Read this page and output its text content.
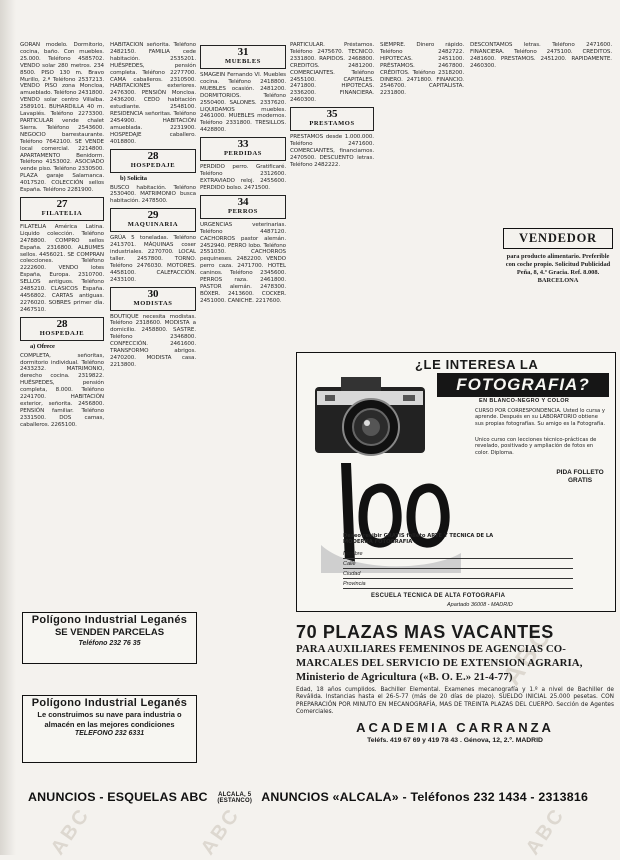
ABC
ABC	ABC
ABC

GORAN modelo. Dormitorio, cocina, baño. Con muebles. 25.000. Teléfono 4585702. VENDO solar 280 metros. 234 8500. PISO 130 m. Bravo Murillo, 2.ª Teléfono 2537213. VENDO PISO zona Moncloa, amueblado. Teléfono 2431800. VENDO solar centro Villalba. 2589101. BUHARDILLA 40 m. Lavapiés. Teléfono 2273300. PARTICULAR vende chalet Sierra. Teléfono 2543600. NEGOCIO barrestaurante. Teléfono 7642100. SE VENDE local comercial. 2214800. APARTAMENTO Benidorm. Teléfono 4153002. ASOCIADO vende piso. Teléfono 2330500. PLAZA garaje Salamanca. 4017520. COLECCIÓN sellos España. Teléfono 2281900.

27
FILATELIA

FILATELIA América Latina. Liquido colección. Teléfono 2478800. COMPRO sellos España. 2316800. ALBUMES sellos. 4456021. SE COMPRAN colecciones. Teléfono 2222600. VENDO lotes España, Europa. 2310700. SELLOS antiguos. Teléfono 2485210. CLASICOS España. 4456802. CARTAS antiguas. 2276020. SOBRES primer día. 2467510.

28
HOSPEDAJE
a) Ofrece

COMPLETA, señoritas, dormitorio individual. Teléfono 2433232. MATRIMONIO, derecho cocina. 2319822. HUÉSPEDES, pensión completa, 8.000. Teléfono 2241700. HABITACIÓN exterior, señorita. 2456800. PENSIÓN familiar. Teléfono 2331500. DOS camas, caballeros. 2265100.

HABITACIÓN señorita. Teléfono 2482150. FAMILIA cede habitación. 2535201. HUÉSPEDES, pensión completa. Teléfono 2277700. CAMA caballeros. 2310500. HABITACIONES exteriores. 2476300. PENSIÓN Moncloa. 2436200. CEDO habitación estudiante. 2548100. RESIDENCIA señoritas. Teléfono 2454900. HABITACIÓN amueblada. 2231900. HOSPEDAJE caballero. 4018800.

28
HOSPEDAJE
b) Solicita

BUSCO habitación. Teléfono 2530400. MATRIMONIO busca habitación. 2478500.

29
MAQUINARIA

GRÚA 5 toneladas. Teléfono 2413701. MÁQUINAS coser industriales. 2270700. LOCAL taller. 2457800. TORNO. Teléfono 2476030. MOTORES. 4458100. CALEFACCIÓN. 2433100.

30
MODISTAS

BOUTIQUE necesita modistas. Teléfono 2318600. MODISTA a domicilio. 2458800. SASTRE. Teléfono 2346800. CONFECCIÓN. 2461600. TRANSFORMO abrigos. 2470200. MODISTA casa. 2213800.

31
MUEBLES

SMAGEIN Fernando VI. Muebles cocina. Teléfono 2418800. MUEBLES ocasión. 2481200. DORMITORIOS. Teléfono 2550400. SALONES. 2337620. LIQUIDAMOS muebles. 2461000. MUEBLES modernos. Teléfono 2331800. TRESILLOS. 4428800.

33
PERDIDAS

PERDIDO perro. Gratificaré. Teléfono 2312600. EXTRAVIADO reloj. 2455600. PERDIDO bolso. 2471500.

34
PERROS

URGENCIAS veterinarias. Teléfono 4487120. CACHORROS pastor alemán. 2452940. PERRO lobo. Teléfono 2551030. CACHORROS pequineses. 2482200. VENDO perro caza. 2471700. HOTEL caninos. Teléfono 2345600. PERROS raza. 2461800. PASTOR alemán. 2478300. BÓXER. 2413600. COCKER. 2451000. CANICHE. 2217600.

PARTICULAR. Préstamos. Teléfono 2475670. TECNICO. 2331800. RAPIDOS. 2468800. CREDITOS. 2481200. COMERCIANTES. Teléfono 2455100. CAPITALES. 2471800. HIPOTECAS. 2336200. FINANCIERA. 2460300.

35
PRESTAMOS

PRESTAMOS desde 1.000.000. Teléfono 2471600. COMERCIANTES, financiamos. 2470500. DESCUENTO letras. Teléfono 2482222.

SIEMPRE. Dinero rápido. Teléfono 2482722. HIPOTECAS. 2451100. PRÉSTAMOS. 2467800. CRÉDITOS. Teléfono 2318200. DINERO. 2471800. FINANCIO. 2546700. CAPITALISTA. 2231800.

DESCONTAMOS letras. Teléfono 2471600. FINANCIERA. Teléfono 2475100. CREDITOS. 2481600. PRESTAMOS. 2451200. RAPIDAMENTE. 2460300.

VENDEDOR
para producto alimentario. Preferible con coche propio. Solicitud Publicidad Peña, 8, 4.º Gracia. Ref. 8.008. BARCELONA
Polígono Industrial Leganés
SE VENDEN PARCELAS
Teléfono 232 76 35
Polígono Industrial Leganés
Le construimos su nave para industria o almacén en las mejores condiciones
TELEFONO 232 6331
¿LE INTERESA LA
FOTOGRAFIA?
EN BLANCO-NEGRO Y COLOR
CURSO POR CORRESPONDENCIA. Usted lo cursa y aprende. Después en su LABORATORIO obtiene sus propias fotografías. Su amigo es la Fotografía.
Unico curso con lecciones técnico-prácticas de revelado, positivado y ampliación de fotos en color. Diploma.
PIDA FOLLETO GRATIS
Deseo recibir GRATIS folleto ARTE Y TECNICA DE LA MODERNA FOTOGRAFIA
Nombre
Calle
Ciudad
Provincia
ESCUELA TECNICA DE ALTA FOTOGRAFIA
Apartado 36008 - MADRID
70 PLAZAS MAS VACANTES
PARA AUXILIARES FEMENINOS DE AGENCIAS CO-
MARCALES DEL SERVICIO DE EXTENSION AGRARIA,
Ministerio de Agricultura («B. O. E.» 21-4-77)
Edad, 18 años cumplidos. Bachiller Elemental. Examenes mecanografía y 1.º a nivel de Bachiller de Reválida. Instancias hasta el 26-5-77 (más de 20 días de plazo). SUELDO INICIAL 25.000 pesetas. CON PREPARACIÓN POR MINUTO EN MECANOGRAFÍA, MAS DE TREINTA PLAZAS DEL CUERPO. Sección de Agentes Comerciales.
ACADEMIA CARRANZA
Teléfs. 419 67 69 y 419 78 43 . Génova, 12, 2.º. MADRID
ANUNCIOS - ESQUELAS ABC ALCALA, 5
(ESTANCO) ANUNCIOS «ALCALA» - Teléfonos 232 1434 - 2313816
